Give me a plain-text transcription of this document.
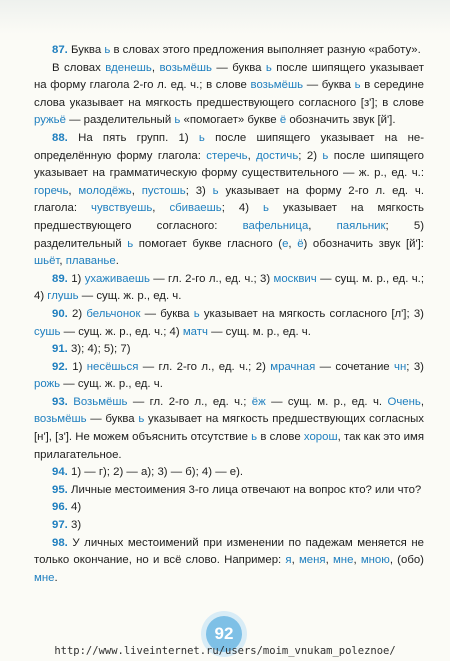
87. Буква ь в словах этого предложения выполняет разную «работу».

В словах вденешь, возьмёшь — буква ь после шипящего указывает на форму глагола 2-го л. ед. ч.; в слове возьмёшь — буква ь в середине слова указывает на мягкость предшествующего согласного [з']; в слове ружьё — разделительный ь «помогает» букве ё обозначить звук [й'].

88. На пять групп. 1) ь после шипящего указывает на неопределённую форму глагола: стеречь, достичь; 2) ь после шипящего указывает на грамматическую форму существительного — ж. р., ед. ч.: горечь, молодёжь, пустошь; 3) ь указывает на форму 2-го л. ед. ч. глагола: чувствуешь, сбиваешь; 4) ь указывает на мягкость предшествующего согласного: вафельница, паяльник; 5) разделительный ь помогает букве гласного (е, ё) обозначить звук [й']: шьёт, плаванье.

89. 1) ухаживаешь — гл. 2-го л., ед. ч.; 3) москвич — сущ. м. р., ед. ч.; 4) глушь — сущ. ж. р., ед. ч.

90. 2) бельчонок — буква ь указывает на мягкость согласного [л']; 3) сушь — сущ. ж. р., ед. ч.; 4) матч — сущ. м. р., ед. ч.

91. 3); 4); 5); 7)

92. 1) несёшься — гл. 2-го л., ед. ч.; 2) мрачная — сочетание чн; 3) рожь — сущ. ж. р., ед. ч.

93. Возьмёшь — гл. 2-го л., ед. ч.; ёж — сущ. м. р., ед. ч. Очень, возьмёшь — буква ь указывает на мягкость предшествующих согласных [н'], [з']. Не можем объяснить отсутствие ь в слове хорош, так как это имя прилагательное.

94. 1) — г); 2) — а); 3) — б); 4) — е).

95. Личные местоимения 3-го лица отвечают на вопрос кто? или что?

96. 4)

97. 3)

98. У личных местоимений при изменении по падежам меняется не только окончание, но и всё слово. Например: я, меня, мне, мною, (обо) мне.

92
http://www.liveinternet.ru/users/moim_vnukam_poleznoe/
